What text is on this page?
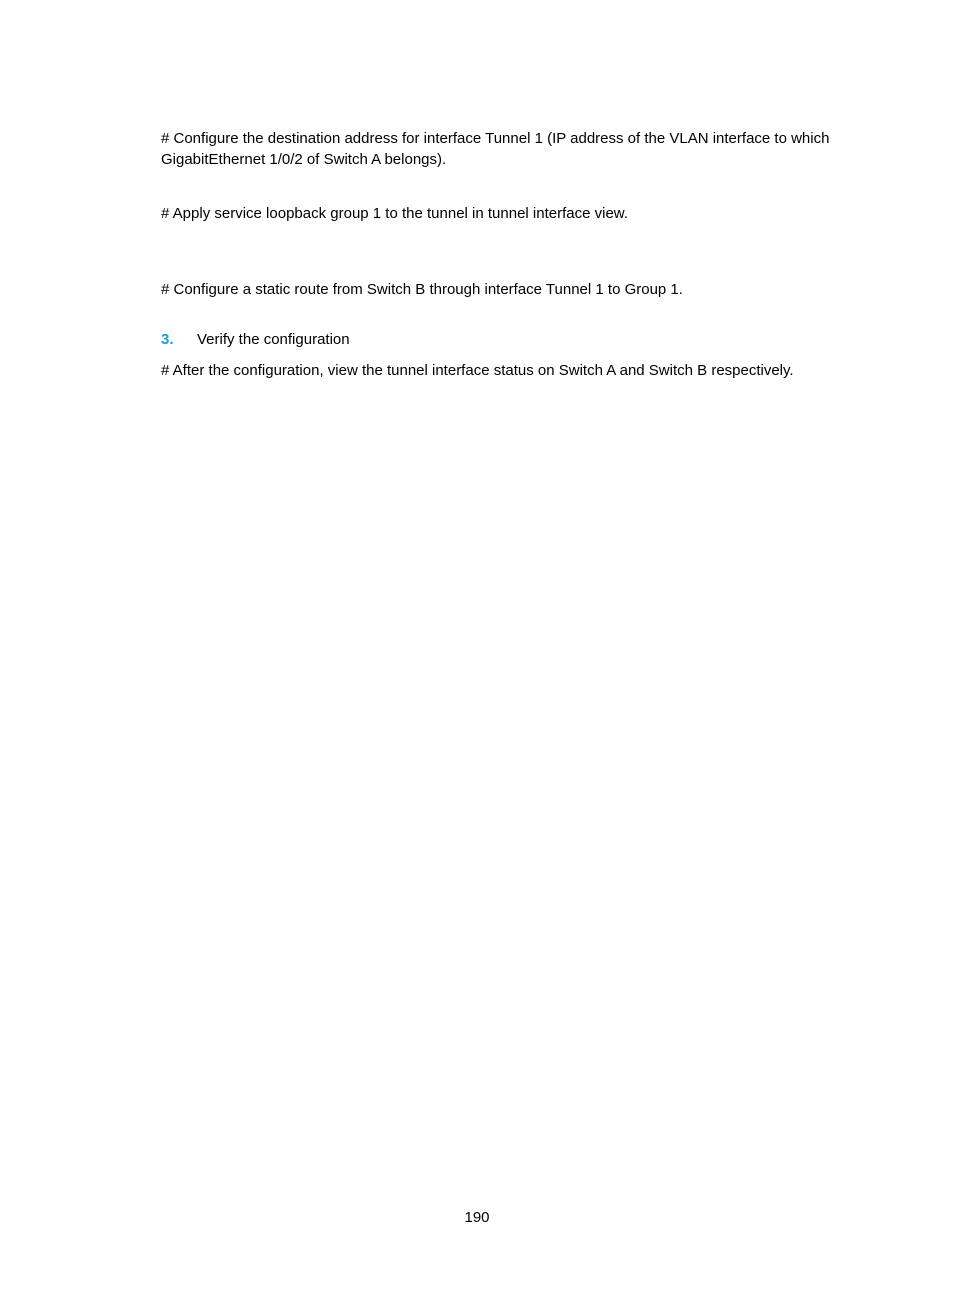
# Configure the destination address for interface Tunnel 1 (IP address of the VLAN interface to which GigabitEthernet 1/0/2 of Switch A belongs).

# Apply service loopback group 1 to the tunnel in tunnel interface view.

# Configure a static route from Switch B through interface Tunnel 1 to Group 1.

3.	Verify the configuration

# After the configuration, view the tunnel interface status on Switch A and Switch B respectively.

190
